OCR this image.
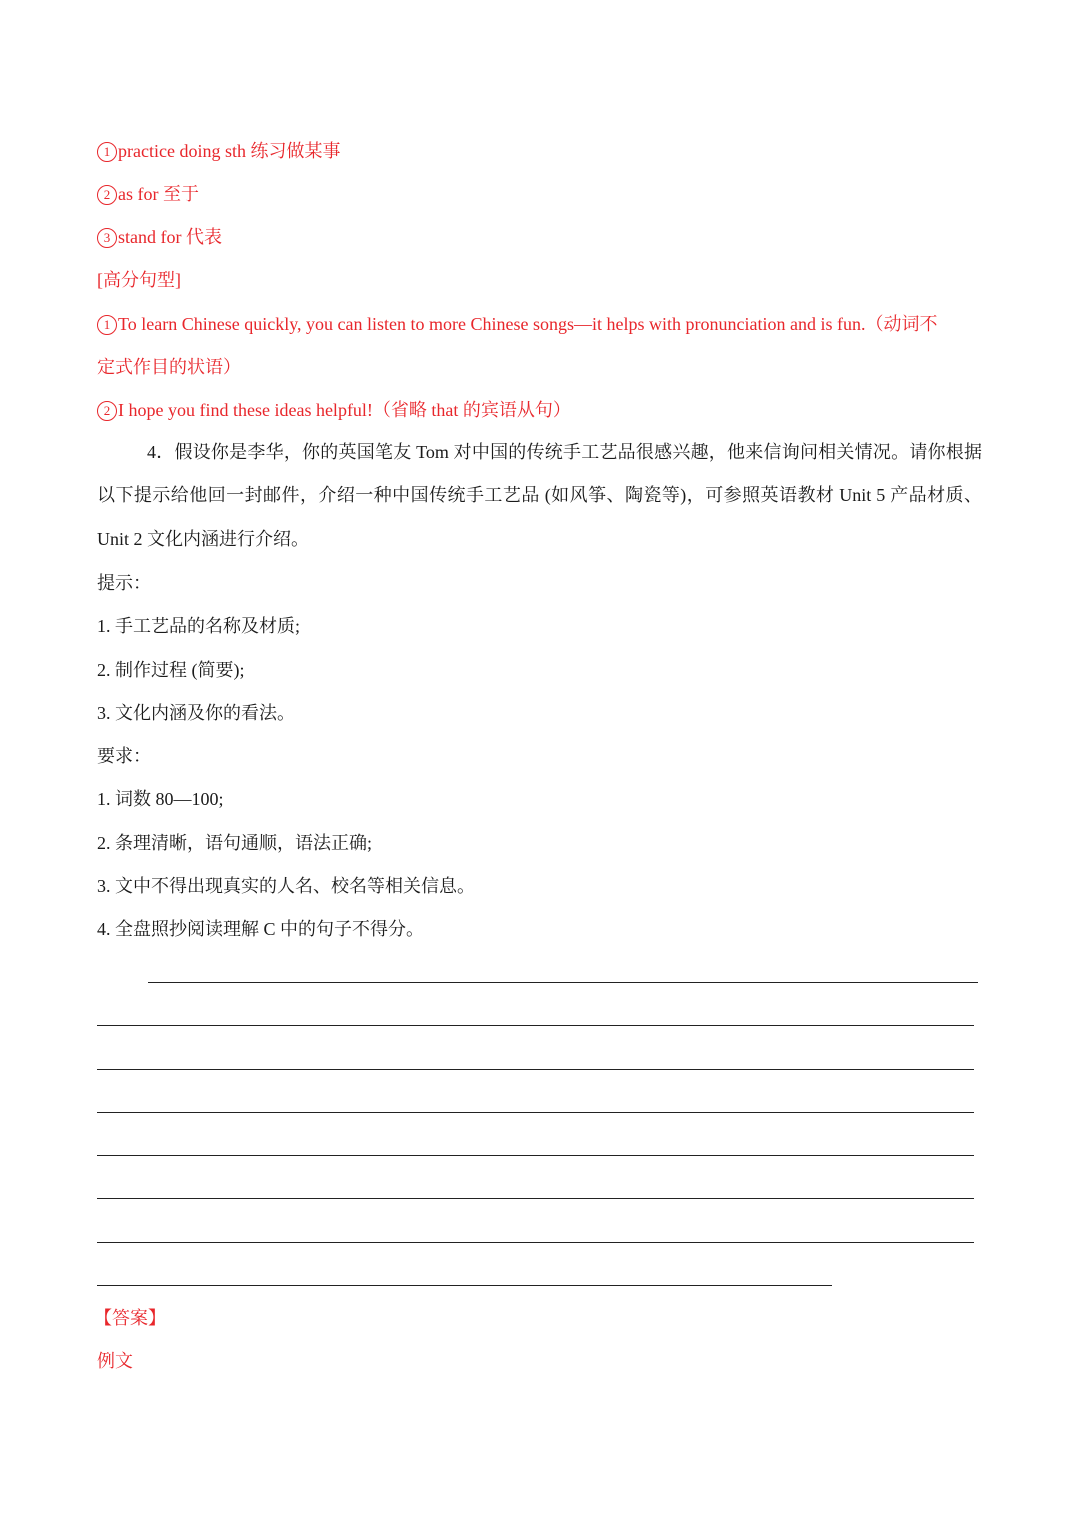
1 practice doing sth 练习做某事
2 as for 至于
3 stand for 代表
[高分句型]
1 To learn Chinese quickly, you can listen to more Chinese songs—it helps with pronunciation and is fun.（动词不
定式作目的状语）
2 I hope you find these ideas helpful!（省略 that 的宾语从句）
4．假设你是李华，你的英国笔友 Tom 对中国的传统手工艺品很感兴趣，他来信询问相关情况。请你根据以下提示给他回一封邮件，介绍一种中国传统手工艺品 (如风筝、陶瓷等)，可参照英语教材 Unit 5 产品材质、Unit 2 文化内涵进行介绍。
提示：
1. 手工艺品的名称及材质;
2. 制作过程 (简要);
3. 文化内涵及你的看法。
要求：
1. 词数 80—100;
2. 条理清晰，语句通顺，语法正确;
3. 文中不得出现真实的人名、校名等相关信息。
4. 全盘照抄阅读理解 C 中的句子不得分。
【答案】
例文
